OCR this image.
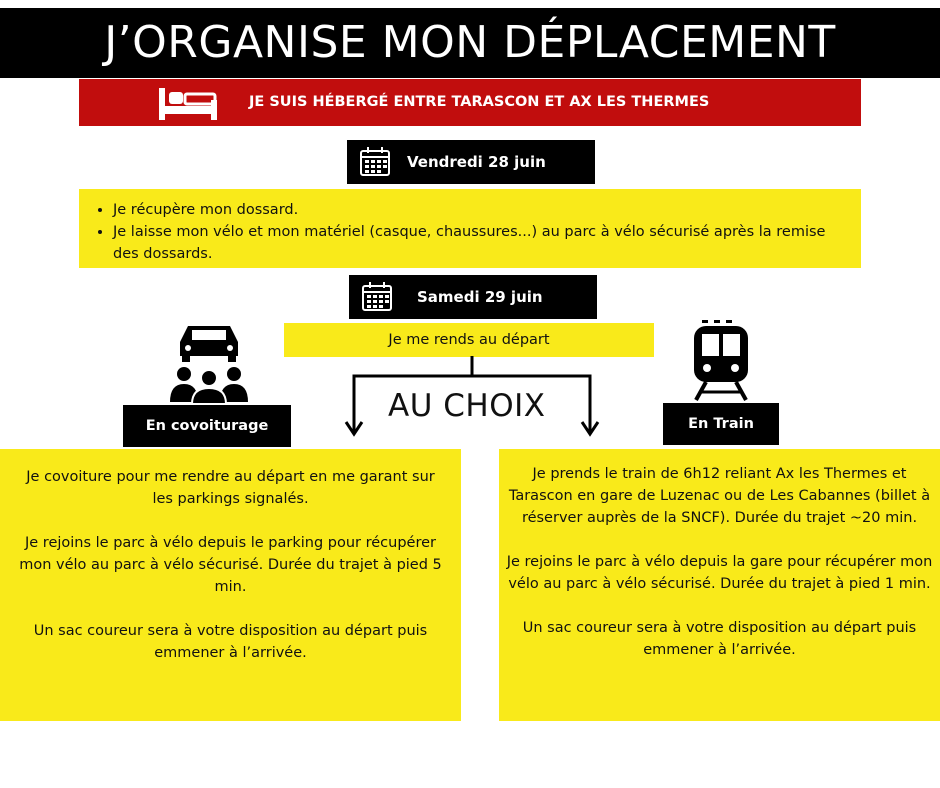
J’ORGANISE MON DÉPLACEMENT
JE SUIS HÉBERGÉ ENTRE TARASCON ET AX LES THERMES
Vendredi 28 juin
• Je récupère mon dossard.
• Je laisse mon vélo et mon matériel (casque, chaussures...) au parc à vélo sécurisé après la remise des dossards.
Samedi 29 juin
Je me rends au départ
AU CHOIX
En covoiturage	En Train

Je covoiture pour me rendre au départ en me garant sur les parkings signalés.

Je rejoins le parc à vélo depuis le parking pour récupérer mon vélo au parc à vélo sécurisé. Durée du trajet à pied 5 min.

Un sac coureur sera à votre disposition au départ puis emmener à l’arrivée.

Je prends le train de 6h12 reliant Ax les Thermes et Tarascon en gare de Luzenac ou de Les Cabannes (billet à réserver auprès de la SNCF). Durée du trajet ~20 min.

Je rejoins le parc à vélo depuis la gare pour récupérer mon vélo au parc à vélo sécurisé. Durée du trajet à pied 1 min.

Un sac coureur sera à votre disposition au départ puis emmener à l’arrivée.
